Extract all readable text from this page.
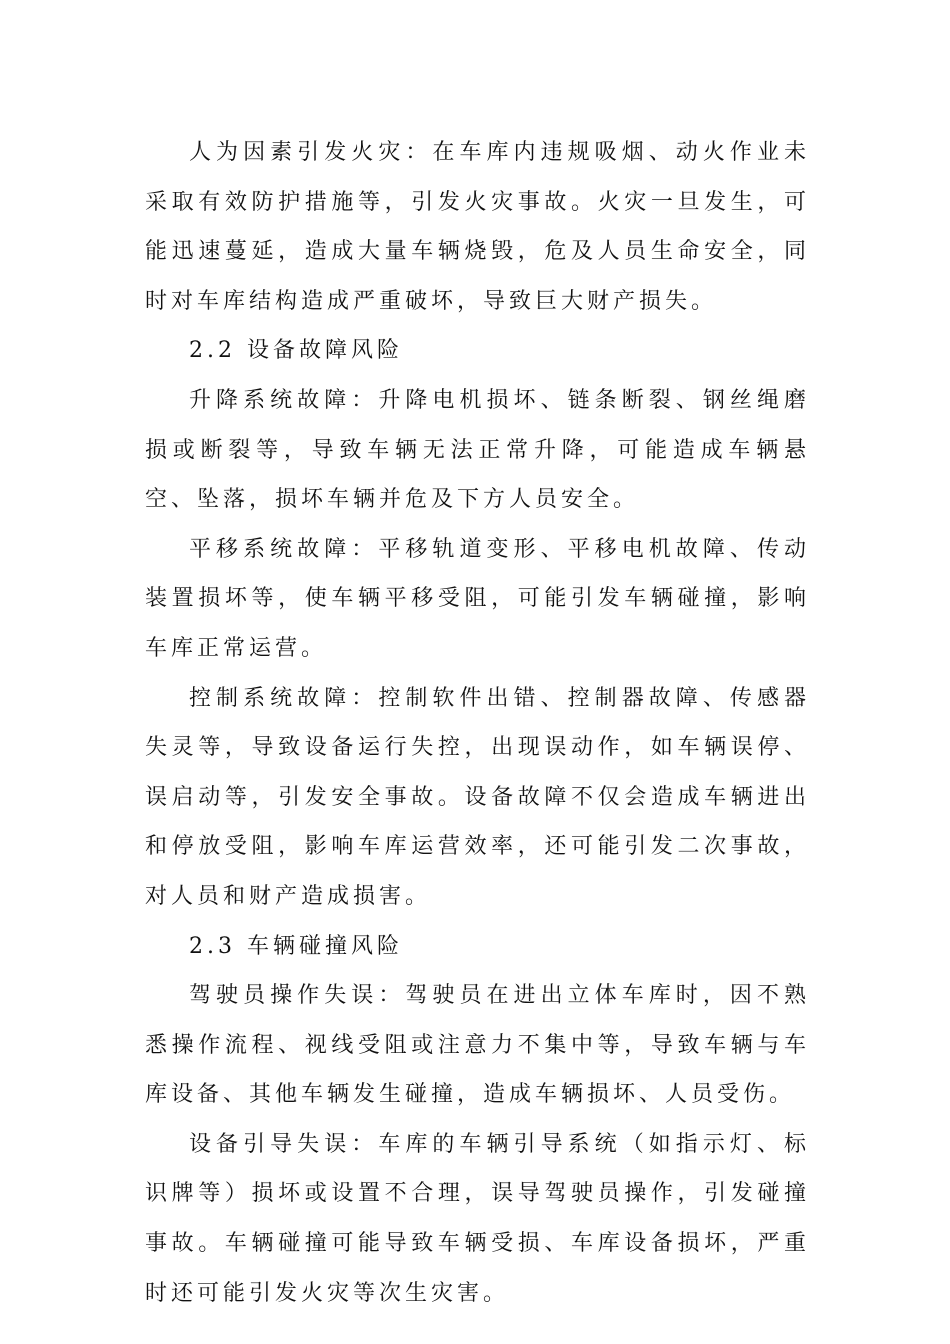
人为因素引发火灾：在车库内违规吸烟、动火作业未采取有效防护措施等，引发火灾事故。火灾一旦发生，可能迅速蔓延，造成大量车辆烧毁，危及人员生命安全，同时对车库结构造成严重破坏，导致巨大财产损失。

2.2 设备故障风险

升降系统故障：升降电机损坏、链条断裂、钢丝绳磨损或断裂等，导致车辆无法正常升降，可能造成车辆悬空、坠落，损坏车辆并危及下方人员安全。

平移系统故障：平移轨道变形、平移电机故障、传动装置损坏等，使车辆平移受阻，可能引发车辆碰撞，影响车库正常运营。

控制系统故障：控制软件出错、控制器故障、传感器失灵等，导致设备运行失控，出现误动作，如车辆误停、误启动等，引发安全事故。设备故障不仅会造成车辆进出和停放受阻，影响车库运营效率，还可能引发二次事故，对人员和财产造成损害。

2.3 车辆碰撞风险

驾驶员操作失误：驾驶员在进出立体车库时，因不熟悉操作流程、视线受阻或注意力不集中等，导致车辆与车库设备、其他车辆发生碰撞，造成车辆损坏、人员受伤。

设备引导失误：车库的车辆引导系统（如指示灯、标识牌等）损坏或设置不合理，误导驾驶员操作，引发碰撞事故。车辆碰撞可能导致车辆受损、车库设备损坏，严重时还可能引发火灾等次生灾害。
